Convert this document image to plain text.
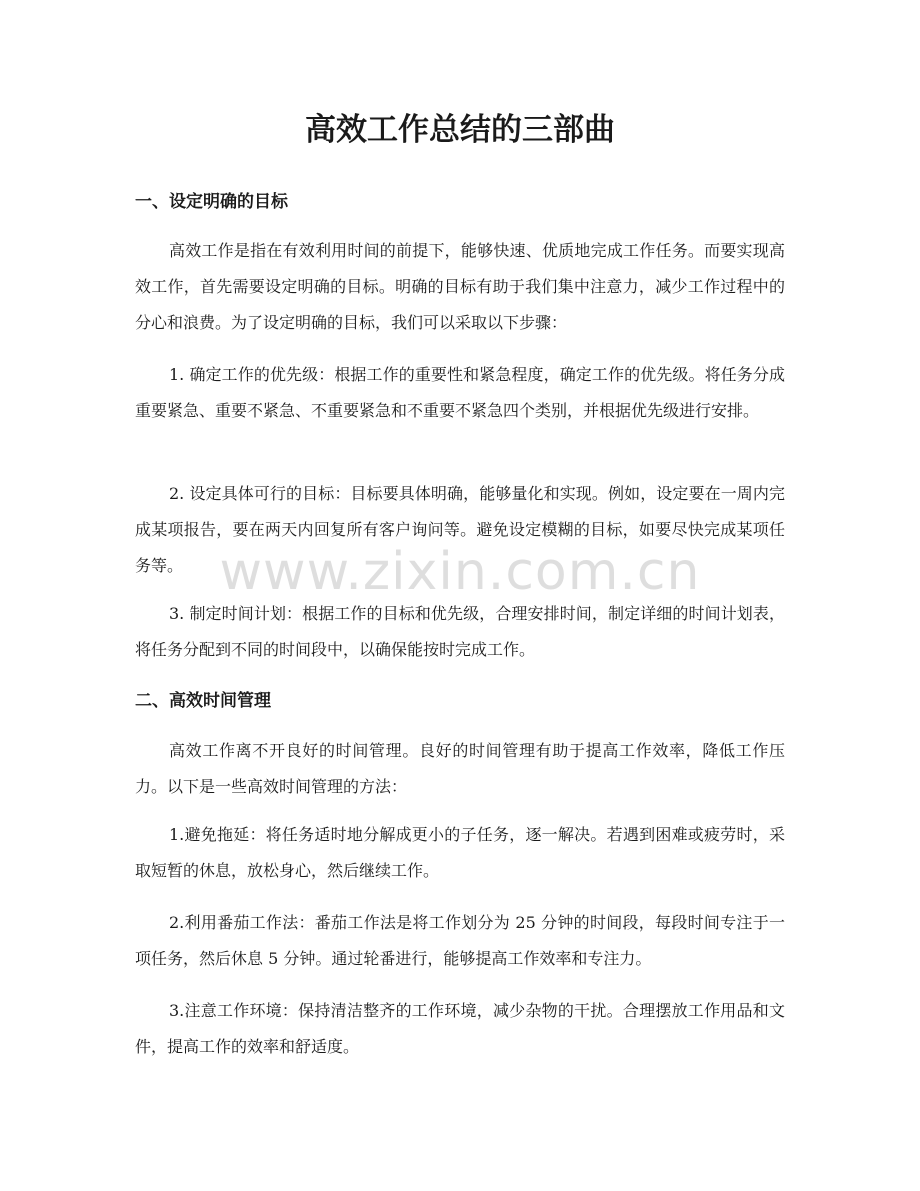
高效工作总结的三部曲
一、设定明确的目标

高效工作是指在有效利用时间的前提下，能够快速、优质地完成工作任务。而要实现高效工作，首先需要设定明确的目标。明确的目标有助于我们集中注意力，减少工作过程中的分心和浪费。为了设定明确的目标，我们可以采取以下步骤：

1. 确定工作的优先级：根据工作的重要性和紧急程度，确定工作的优先级。将任务分成重要紧急、重要不紧急、不重要紧急和不重要不紧急四个类别，并根据优先级进行安排。

2. 设定具体可行的目标：目标要具体明确，能够量化和实现。例如，设定要在一周内完成某项报告，要在两天内回复所有客户询问等。避免设定模糊的目标，如要尽快完成某项任务等。

3. 制定时间计划：根据工作的目标和优先级，合理安排时间，制定详细的时间计划表，将任务分配到不同的时间段中，以确保能按时完成工作。

二、高效时间管理

高效工作离不开良好的时间管理。良好的时间管理有助于提高工作效率，降低工作压力。以下是一些高效时间管理的方法：

1.避免拖延：将任务适时地分解成更小的子任务，逐一解决。若遇到困难或疲劳时，采取短暂的休息，放松身心，然后继续工作。

2.利用番茄工作法：番茄工作法是将工作划分为 25 分钟的时间段，每段时间专注于一项任务，然后休息 5 分钟。通过轮番进行，能够提高工作效率和专注力。

3.注意工作环境：保持清洁整齐的工作环境，减少杂物的干扰。合理摆放工作用品和文件，提高工作的效率和舒适度。

www.zixin.com.cn
